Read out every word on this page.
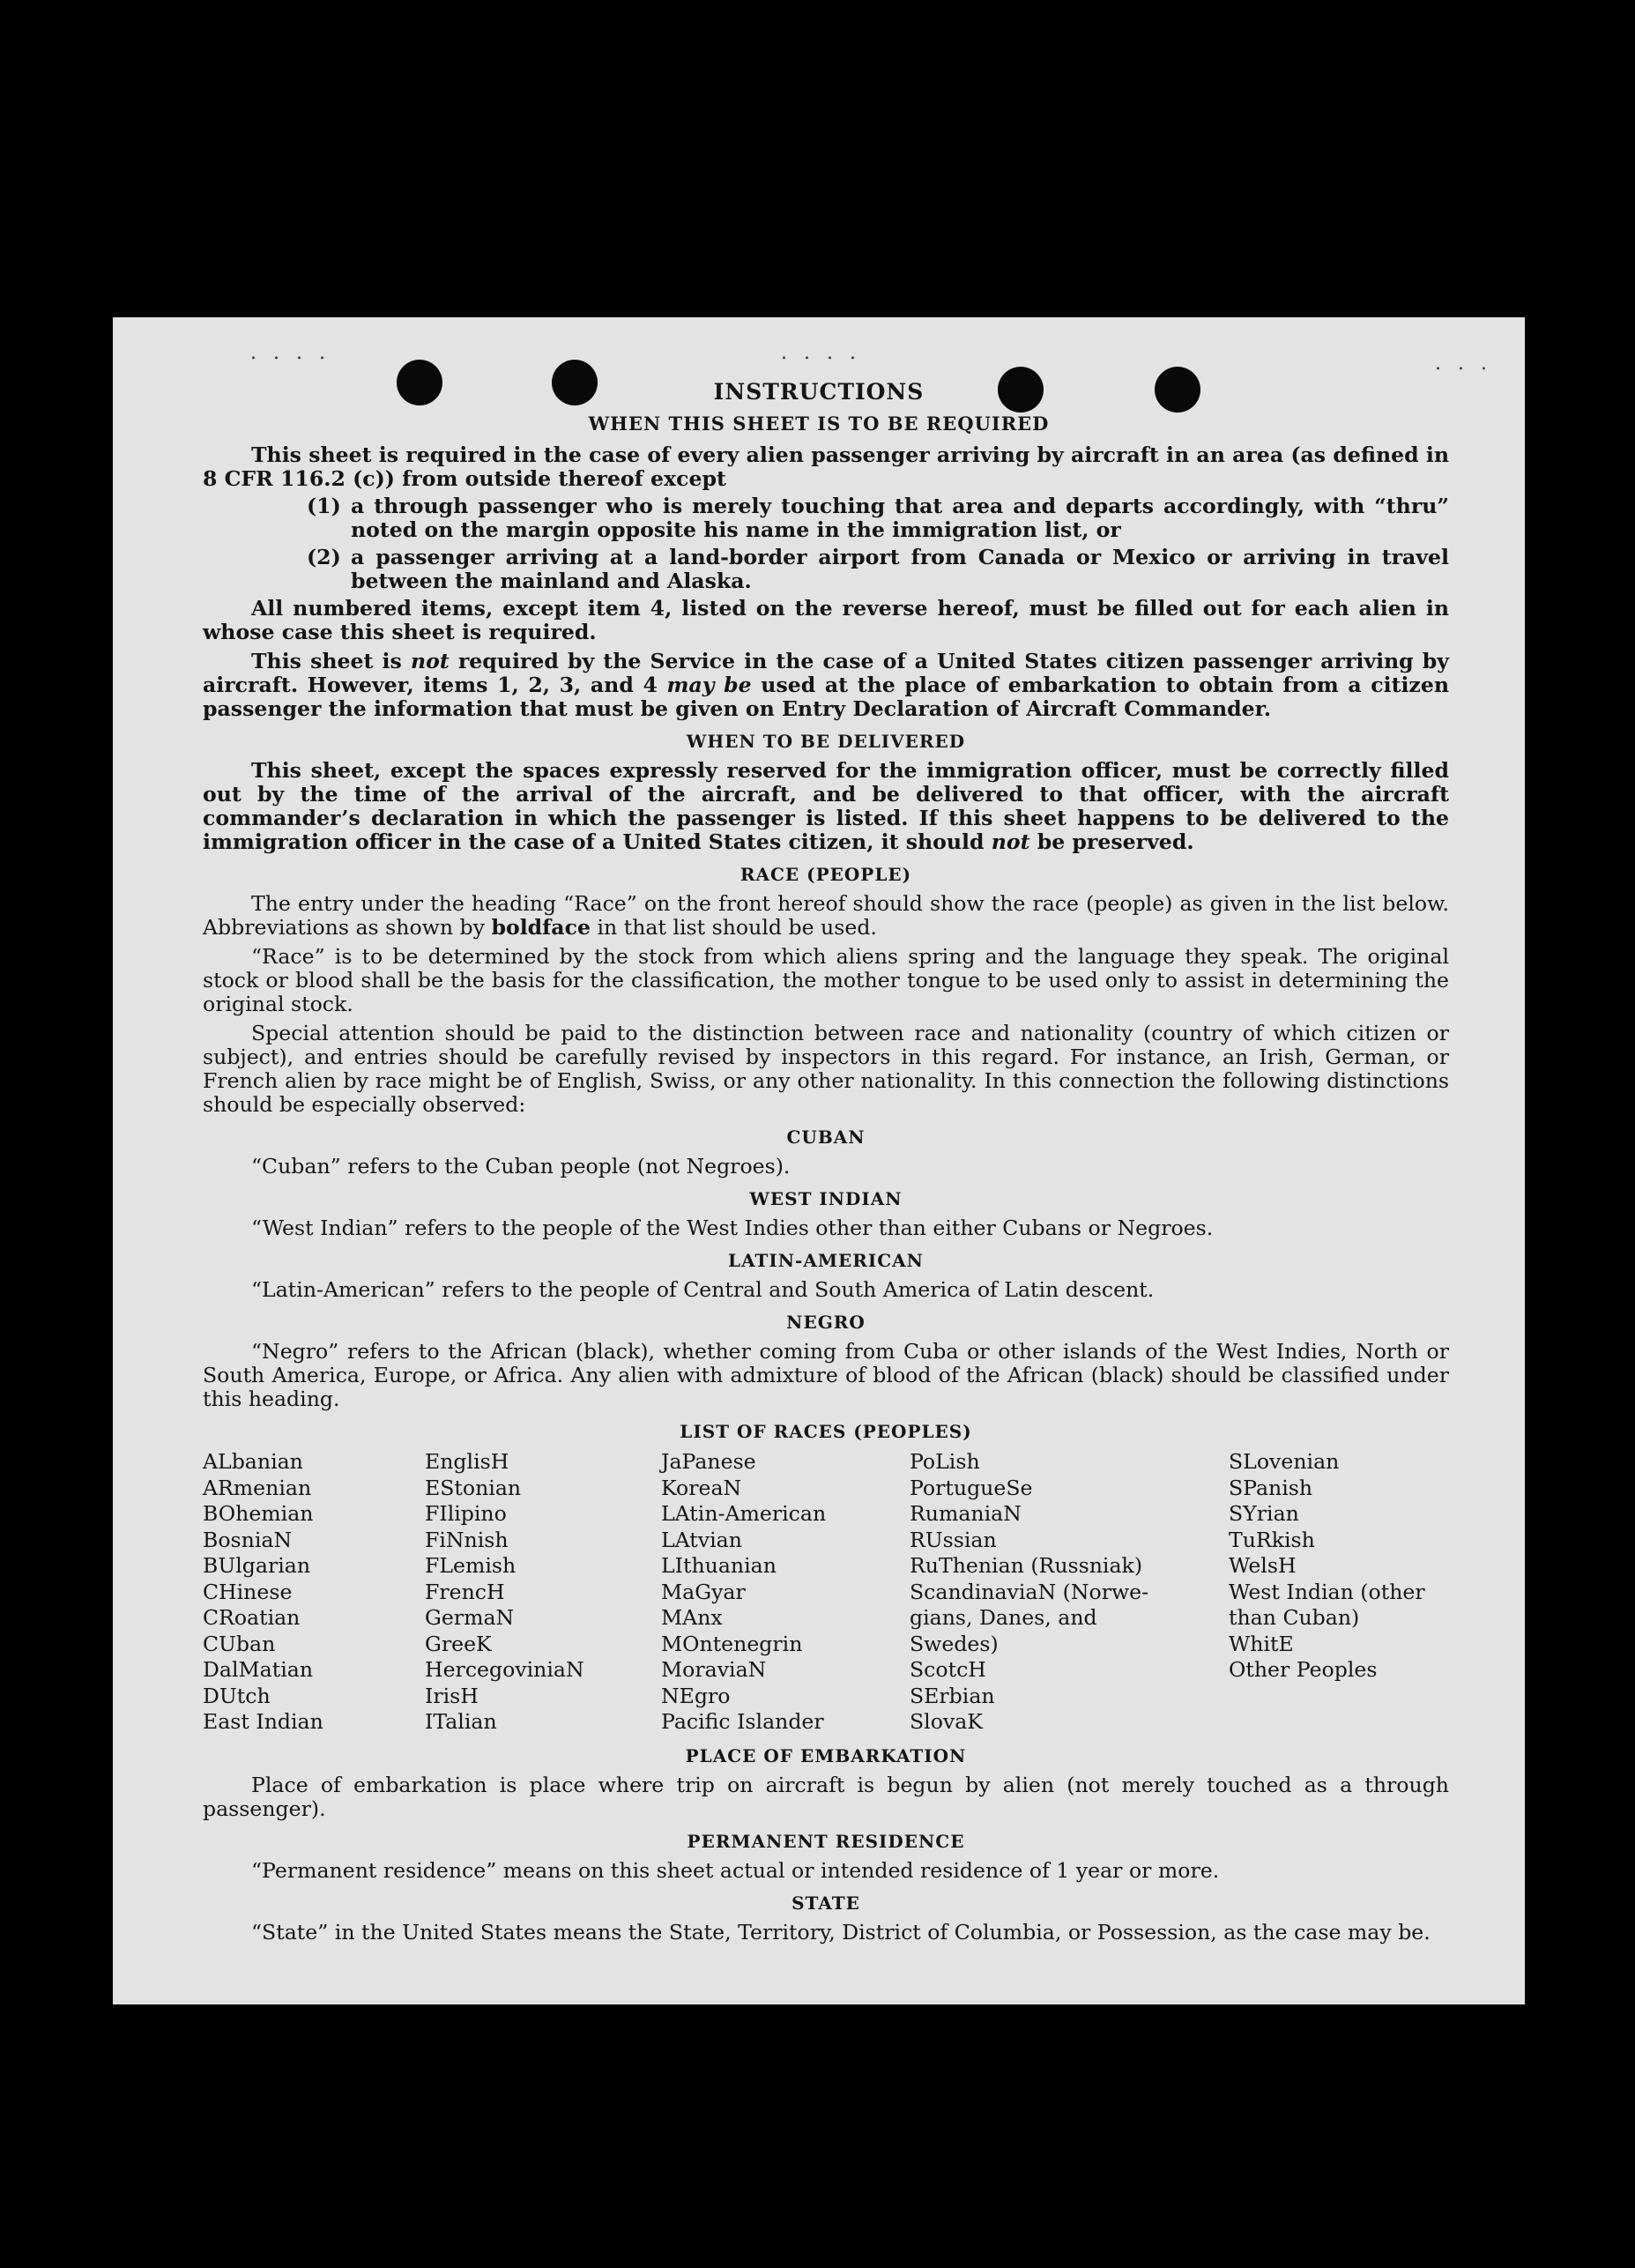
. . . .	. . . .	. . .
INSTRUCTIONS
WHEN THIS SHEET IS TO BE REQUIRED

This sheet is required in the case of every alien passenger arriving by aircraft in an area (as defined in 8 CFR 116.2 (c)) from outside thereof except

(1) a through passenger who is merely touching that area and departs accordingly, with “thru” noted on the margin opposite his name in the immigration list, or
(2) a passenger arriving at a land-border airport from Canada or Mexico or arriving in travel between the mainland and Alaska.

All numbered items, except item 4, listed on the reverse hereof, must be filled out for each alien in whose case this sheet is required.

This sheet is not required by the Service in the case of a United States citizen passenger arriving by aircraft. However, items 1, 2, 3, and 4 may be used at the place of embarkation to obtain from a citizen passenger the information that must be given on Entry Declaration of Aircraft Commander.

WHEN TO BE DELIVERED

This sheet, except the spaces expressly reserved for the immigration officer, must be correctly filled out by the time of the arrival of the aircraft, and be delivered to that officer, with the aircraft commander’s declaration in which the passenger is listed. If this sheet happens to be delivered to the immigration officer in the case of a United States citizen, it should not be preserved.

RACE (PEOPLE)

The entry under the heading “Race” on the front hereof should show the race (people) as given in the list below. Abbreviations as shown by boldface in that list should be used.

“Race” is to be determined by the stock from which aliens spring and the language they speak. The original stock or blood shall be the basis for the classification, the mother tongue to be used only to assist in determining the original stock.

Special attention should be paid to the distinction between race and nationality (country of which citizen or subject), and entries should be carefully revised by inspectors in this regard. For instance, an Irish, German, or French alien by race might be of English, Swiss, or any other nationality. In this connection the following distinctions should be especially observed:

CUBAN

“Cuban” refers to the Cuban people (not Negroes).

WEST INDIAN

“West Indian” refers to the people of the West Indies other than either Cubans or Negroes.

LATIN-AMERICAN

“Latin-American” refers to the people of Central and South America of Latin descent.

NEGRO

“Negro” refers to the African (black), whether coming from Cuba or other islands of the West Indies, North or South America, Europe, or Africa. Any alien with admixture of blood of the African (black) should be classified under this heading.

LIST OF RACES (PEOPLES)
ALbanian
ARmenian
BOhemian
BosniaN
BUlgarian
CHinese
CRoatian
CUban
DalMatian
DUtch
East Indian
EnglisH
EStonian
FIlipino
FiNnish
FLemish
FrencH
GermaN
GreeK
HercegoviniaN
IrisH
ITalian
JaPanese
KoreaN
LAtin-American
LAtvian
LIthuanian
MaGyar
MAnx
MOntenegrin
MoraviaN
NEgro
Pacific Islander
PoLish
PortugueSe
RumaniaN
RUssian
RuThenian (Russniak)
ScandinaviaN (Norwe-
gians, Danes, and
Swedes)
ScotcH
SErbian
SlovaK
SLovenian
SPanish
SYrian
TuRkish
WelsH
West Indian (other
than Cuban)
WhitE
Other Peoples
PLACE OF EMBARKATION

Place of embarkation is place where trip on aircraft is begun by alien (not merely touched as a through passenger).

PERMANENT RESIDENCE

“Permanent residence” means on this sheet actual or intended residence of 1 year or more.

STATE

“State” in the United States means the State, Territory, District of Columbia, or Possession, as the case may be.
